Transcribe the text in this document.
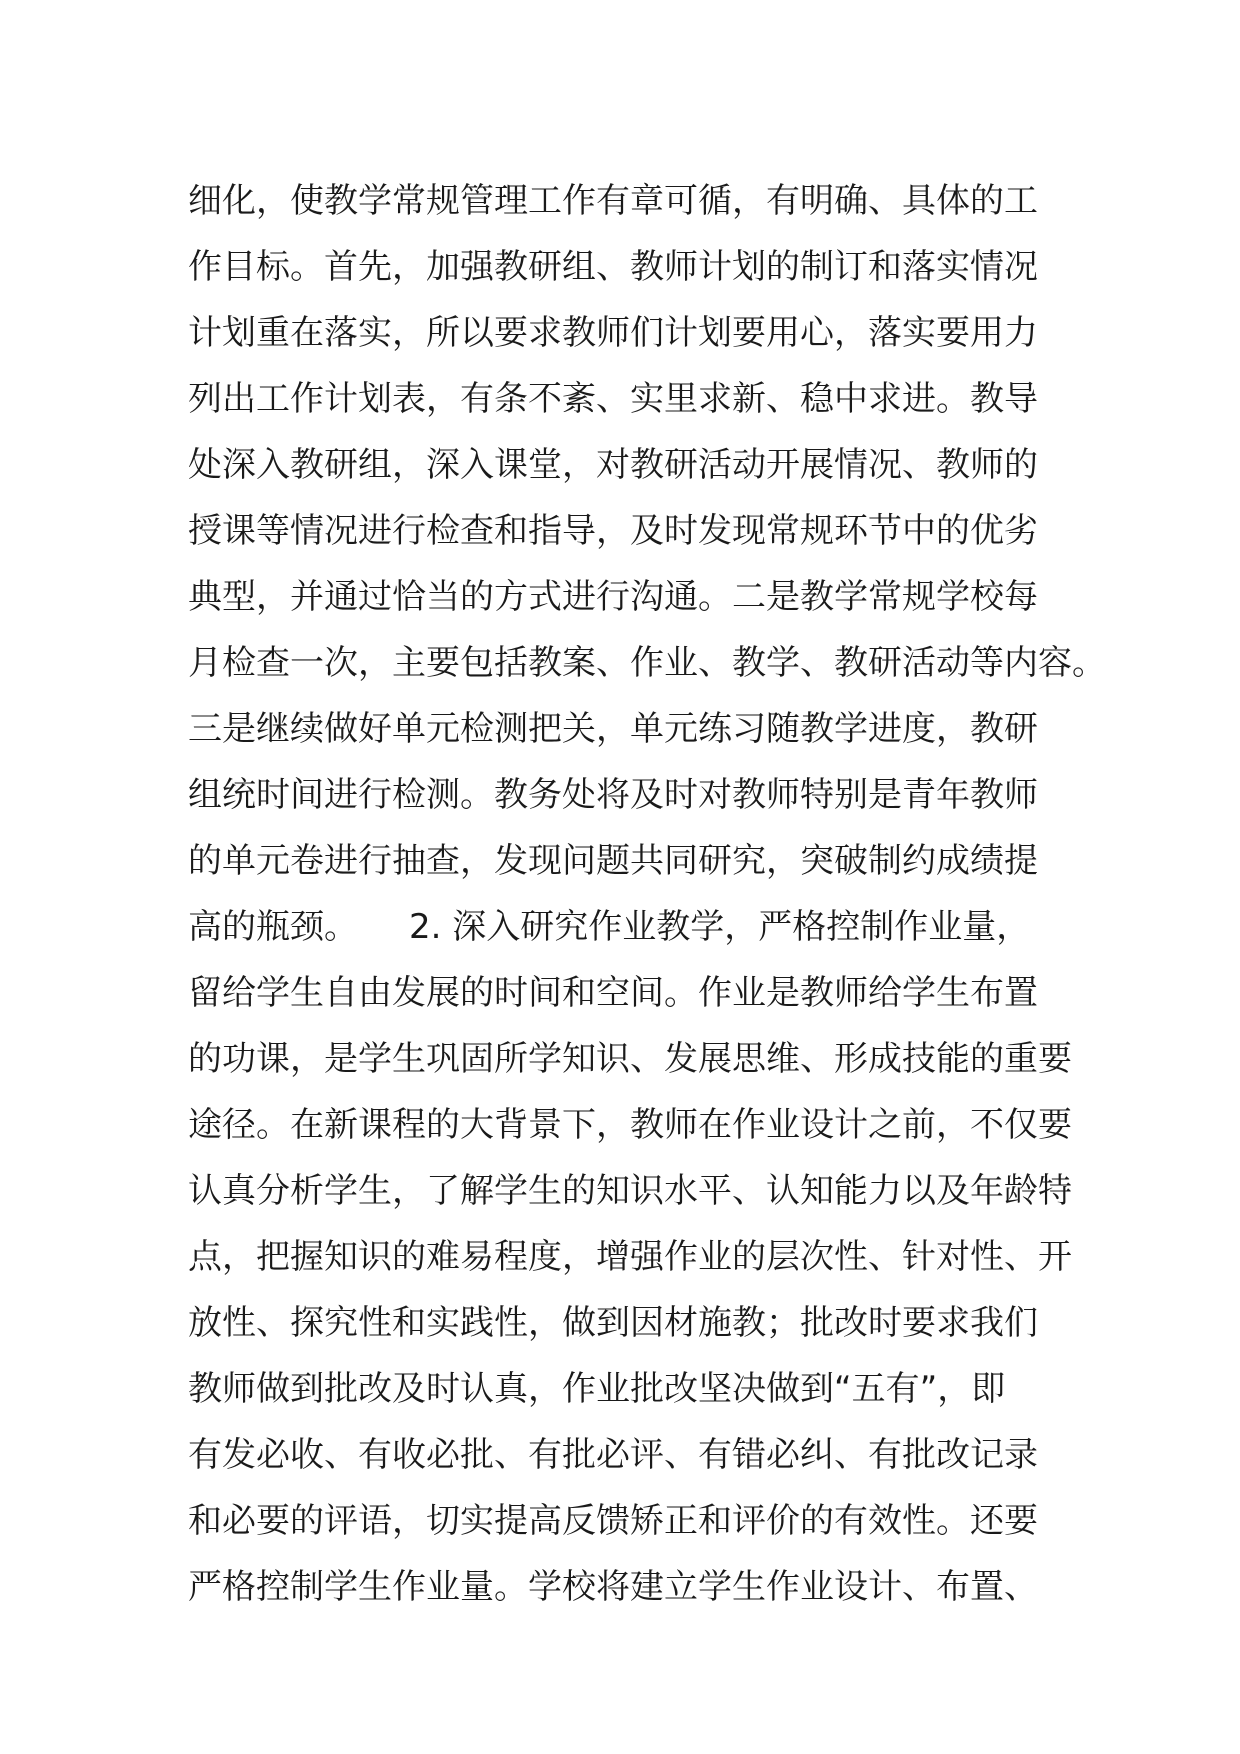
细化，使教学常规管理工作有章可循，有明确、具体的工
作目标。首先，加强教研组、教师计划的制订和落实情况
计划重在落实，所以要求教师们计划要用心，落实要用力
列出工作计划表，有条不紊、实里求新、稳中求进。教导
处深入教研组，深入课堂，对教研活动开展情况、教师的
授课等情况进行检查和指导，及时发现常规环节中的优劣
典型，并通过恰当的方式进行沟通。二是教学常规学校每
月检查一次，主要包括教案、作业、教学、教研活动等内容。
三是继续做好单元检测把关，单元练习随教学进度，教研
组统时间进行检测。教务处将及时对教师特别是青年教师
的单元卷进行抽查，发现问题共同研究，突破制约成绩提
高的瓶颈。　　2. 深入研究作业教学，严格控制作业量，
留给学生自由发展的时间和空间。作业是教师给学生布置
的功课，是学生巩固所学知识、发展思维、形成技能的重要
途径。在新课程的大背景下，教师在作业设计之前，不仅要
认真分析学生，了解学生的知识水平、认知能力以及年龄特
点，把握知识的难易程度，增强作业的层次性、针对性、开
放性、探究性和实践性，做到因材施教；批改时要求我们
教师做到批改及时认真，作业批改坚决做到“五有”，即
有发必收、有收必批、有批必评、有错必纠、有批改记录
和必要的评语，切实提高反馈矫正和评价的有效性。还要
严格控制学生作业量。学校将建立学生作业设计、布置、
